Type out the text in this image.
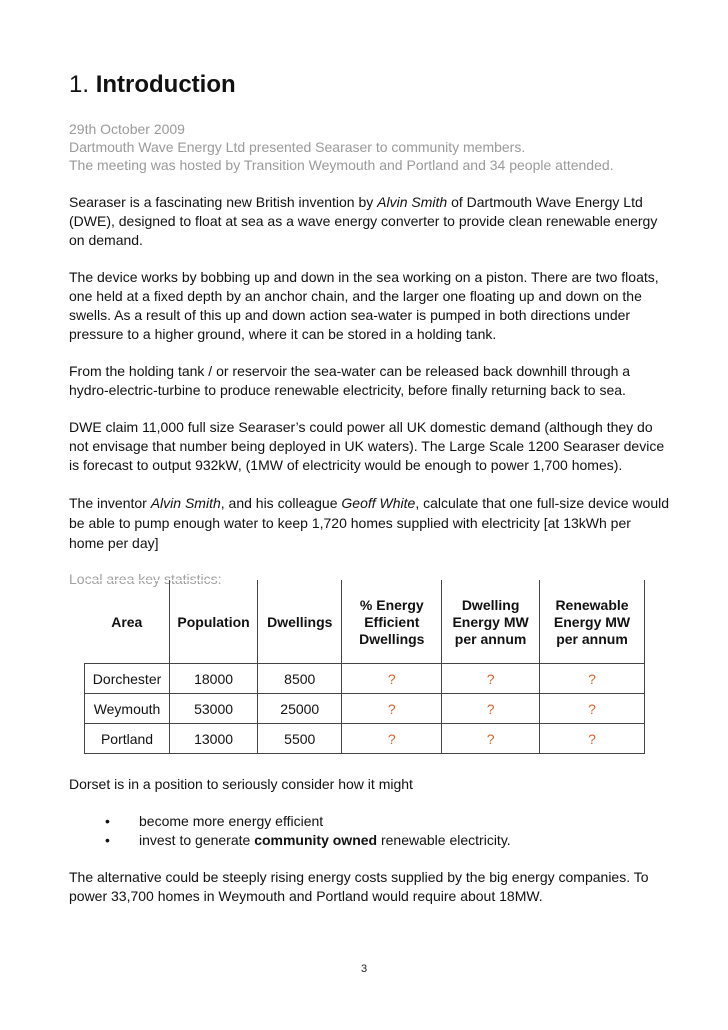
1. Introduction
29th October 2009
Dartmouth Wave Energy Ltd presented Searaser to community members.
The meeting was hosted by Transition Weymouth and Portland and 34 people attended.

Searaser is a fascinating new British invention by Alvin Smith of Dartmouth Wave Energy Ltd (DWE), designed to float at sea as a wave energy converter to provide clean renewable energy on demand.

The device works by bobbing up and down in the sea working on a piston. There are two floats, one held at a fixed depth by an anchor chain, and the larger one floating up and down on the swells. As a result of this up and down action sea-water is pumped in both directions under pressure to a higher ground, where it can be stored in a holding tank.

From the holding tank / or reservoir the sea-water can be released back downhill through a hydro-electric-turbine to produce renewable electricity, before finally returning back to sea.

DWE claim 11,000 full size Searaser’s could power all UK domestic demand (although they do not envisage that number being deployed in UK waters). The Large Scale 1200 Searaser device is forecast to output 932kW, (1MW of electricity would be enough to power 1,700 homes).

The inventor Alvin Smith, and his colleague Geoff White, calculate that one full-size device would be able to pump enough water to keep 1,720 homes supplied with electricity [at 13kWh per home per day]

Local area key statistics:

Area	Population	Dwellings	% Energy Efficient Dwellings	Dwelling Energy MW per annum	Renewable Energy MW per annum
Dorchester	18000	8500	?	?	?
Weymouth	53000	25000	?	?	?
Portland	13000	5500	?	?	?

Dorset is in a position to seriously consider how it might

• become more energy efficient
• invest to generate community owned renewable electricity.

The alternative could be steeply rising energy costs supplied by the big energy companies. To power 33,700 homes in Weymouth and Portland would require about 18MW.

3
